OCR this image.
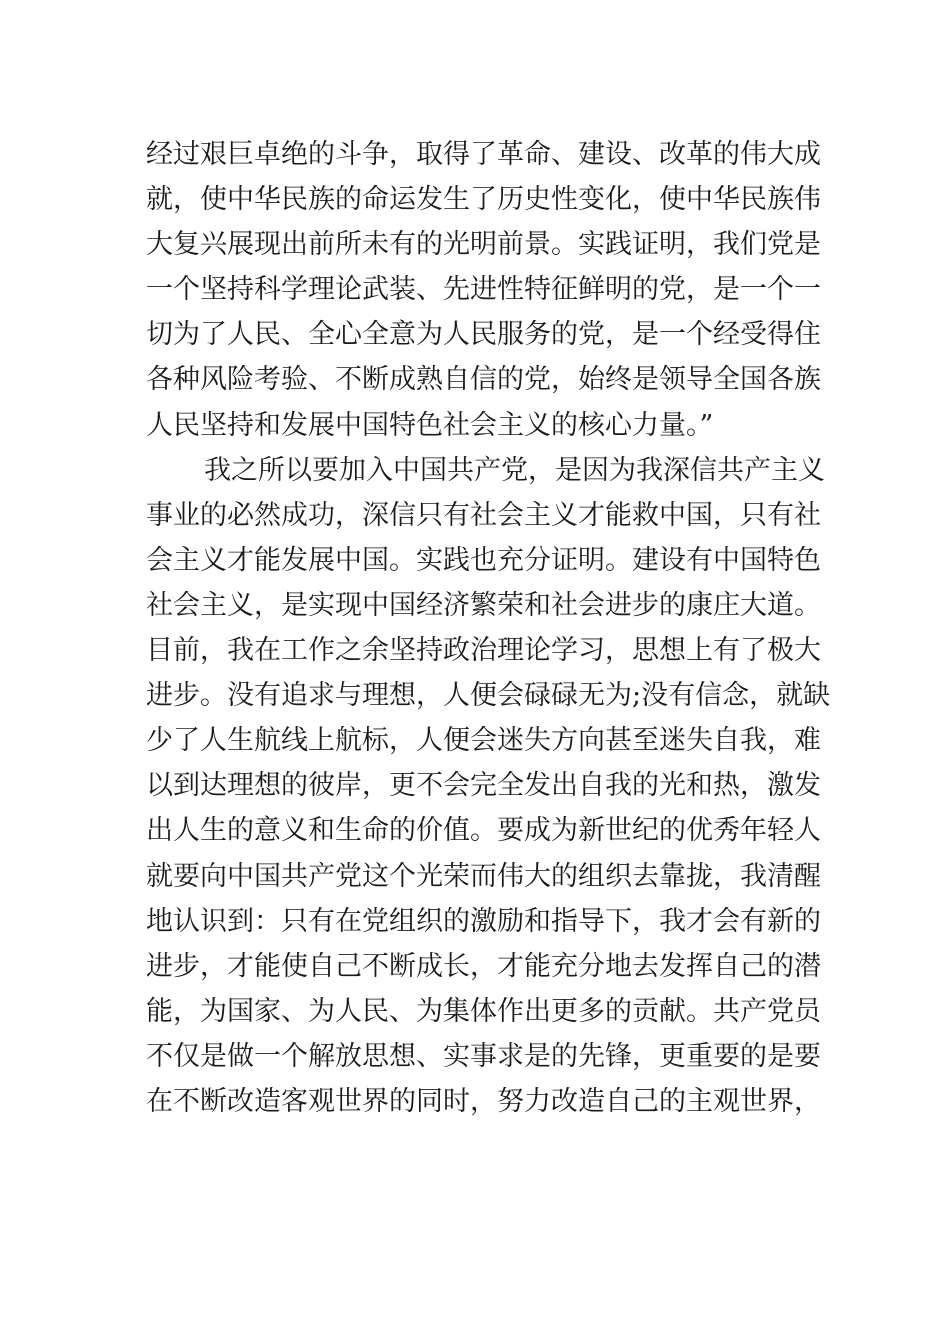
经过艰巨卓绝的斗争，取得了革命、建设、改革的伟大成
就，使中华民族的命运发生了历史性变化，使中华民族伟
大复兴展现出前所未有的光明前景。实践证明，我们党是
一个坚持科学理论武装、先进性特征鲜明的党，是一个一
切为了人民、全心全意为人民服务的党，是一个经受得住
各种风险考验、不断成熟自信的党，始终是领导全国各族
人民坚持和发展中国特色社会主义的核心力量。”
我之所以要加入中国共产党，是因为我深信共产主义
事业的必然成功，深信只有社会主义才能救中国，只有社
会主义才能发展中国。实践也充分证明。建设有中国特色
社会主义，是实现中国经济繁荣和社会进步的康庄大道。
目前，我在工作之余坚持政治理论学习，思想上有了极大
进步。没有追求与理想，人便会碌碌无为;没有信念，就缺
少了人生航线上航标，人便会迷失方向甚至迷失自我，难
以到达理想的彼岸，更不会完全发出自我的光和热，激发
出人生的意义和生命的价值。要成为新世纪的优秀年轻人
就要向中国共产党这个光荣而伟大的组织去靠拢，我清醒
地认识到：只有在党组织的激励和指导下，我才会有新的
进步，才能使自己不断成长，才能充分地去发挥自己的潜
能，为国家、为人民、为集体作出更多的贡献。共产党员
不仅是做一个解放思想、实事求是的先锋，更重要的是要
在不断改造客观世界的同时，努力改造自己的主观世界，
